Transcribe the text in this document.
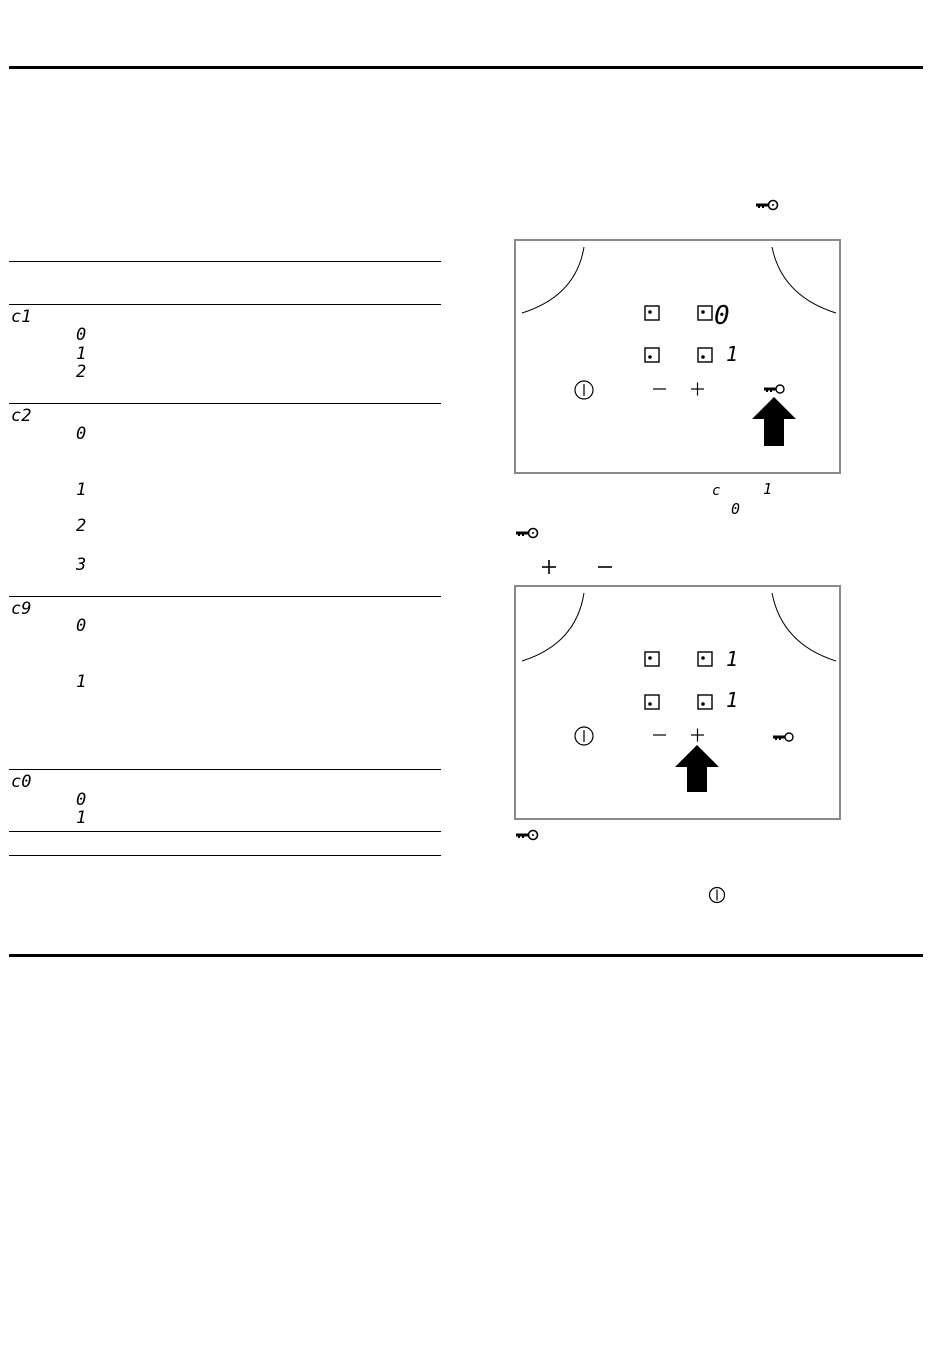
c1
0
1
2
c2
0
1
2
3
c9
0
1
c0
0
1
0
1
c	1
0
1
1
